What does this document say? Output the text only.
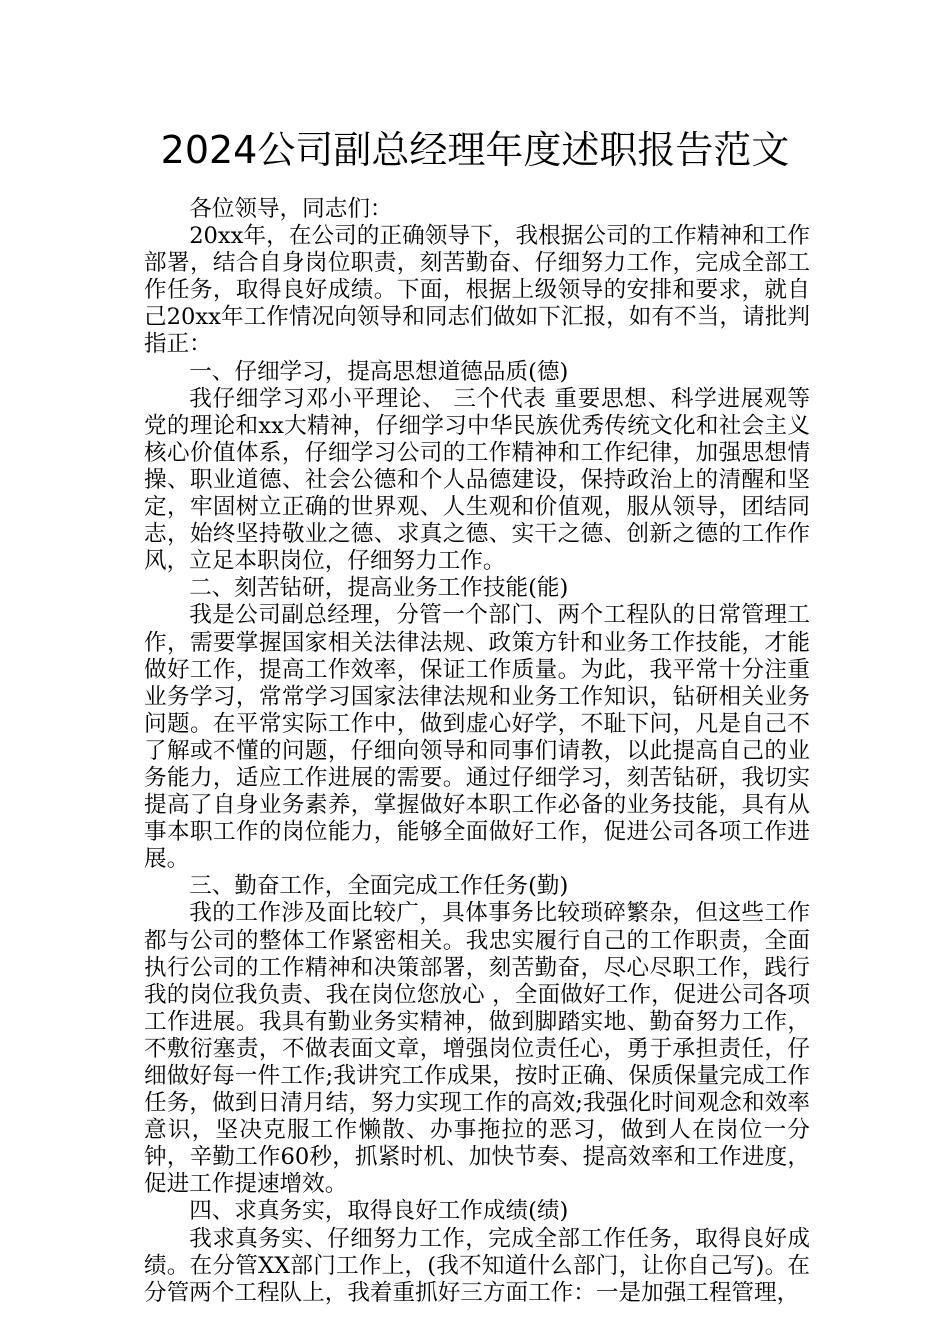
2024公司副总经理年度述职报告范文

各位领导，同志们：

20xx年，在公司的正确领导下，我根据公司的工作精神和工作部署，结合自身岗位职责，刻苦勤奋、仔细努力工作，完成全部工作任务，取得良好成绩。下面，根据上级领导的安排和要求，就自己20xx年工作情况向领导和同志们做如下汇报，如有不当，请批判指正：

一、仔细学习，提高思想道德品质(德)

我仔细学习邓小平理论、 三个代表 重要思想、科学进展观等党的理论和xx大精神，仔细学习中华民族优秀传统文化和社会主义核心价值体系，仔细学习公司的工作精神和工作纪律，加强思想情操、职业道德、社会公德和个人品德建设，保持政治上的清醒和坚定，牢固树立正确的世界观、人生观和价值观，服从领导，团结同志，始终坚持敬业之德、求真之德、实干之德、创新之德的工作作风，立足本职岗位，仔细努力工作。

二、刻苦钻研，提高业务工作技能(能)

我是公司副总经理，分管一个部门、两个工程队的日常管理工作，需要掌握国家相关法律法规、政策方针和业务工作技能，才能做好工作，提高工作效率，保证工作质量。为此，我平常十分注重业务学习，常常学习国家法律法规和业务工作知识，钻研相关业务问题。在平常实际工作中，做到虚心好学，不耻下问，凡是自己不了解或不懂的问题，仔细向领导和同事们请教，以此提高自己的业务能力，适应工作进展的需要。通过仔细学习，刻苦钻研，我切实提高了自身业务素养，掌握做好本职工作必备的业务技能，具有从事本职工作的岗位能力，能够全面做好工作，促进公司各项工作进展。

三、勤奋工作，全面完成工作任务(勤)

我的工作涉及面比较广，具体事务比较琐碎繁杂，但这些工作都与公司的整体工作紧密相关。我忠实履行自己的工作职责，全面执行公司的工作精神和决策部署，刻苦勤奋，尽心尽职工作，践行我的岗位我负责、我在岗位您放心 ，全面做好工作，促进公司各项工作进展。我具有勤业务实精神，做到脚踏实地、勤奋努力工作，不敷衍塞责，不做表面文章，增强岗位责任心，勇于承担责任，仔细做好每一件工作;我讲究工作成果，按时正确、保质保量完成工作任务，做到日清月结，努力实现工作的高效;我强化时间观念和效率意识，坚决克服工作懒散、办事拖拉的恶习，做到人在岗位一分钟，辛勤工作60秒，抓紧时机、加快节奏、提高效率和工作进度，促进工作提速增效。

四、求真务实，取得良好工作成绩(绩)

我求真务实、仔细努力工作，完成全部工作任务，取得良好成绩。在分管XX部门工作上，(我不知道什么部门，让你自己写)。在分管两个工程队上，我着重抓好三方面工作：一是加强工程管理，
